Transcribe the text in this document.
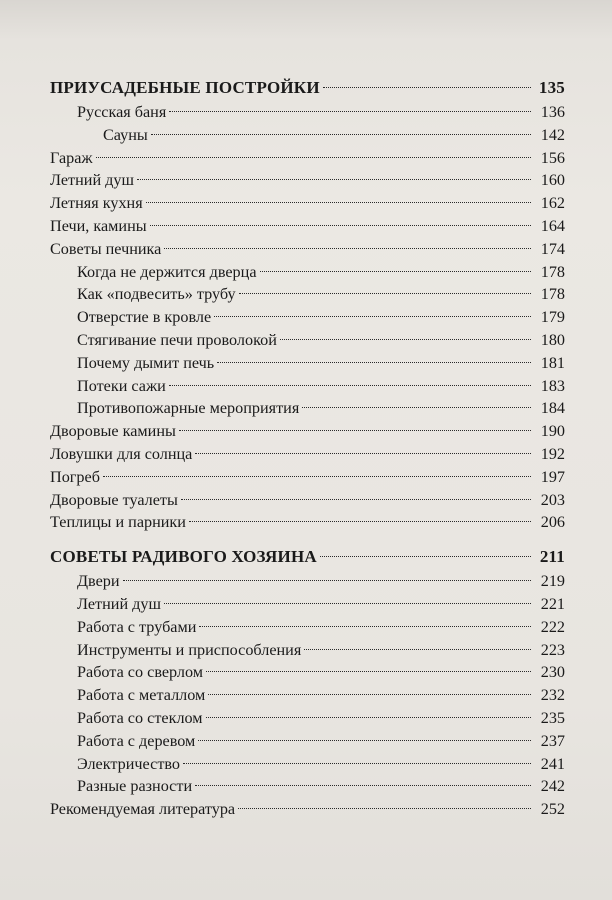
ПРИУСАДЕБНЫЕ ПОСТРОЙКИ	135
Русская баня	136
Сауны	142
Гараж	156
Летний душ	160
Летняя кухня	162
Печи, камины	164
Советы печника	174
Когда не держится дверца	178
Как «подвесить» трубу	178
Отверстие в кровле	179
Стягивание печи проволокой	180
Почему дымит печь	181
Потеки сажи	183
Противопожарные мероприятия	184
Дворовые камины	190
Ловушки для солнца	192
Погреб	197
Дворовые туалеты	203
Теплицы и парники	206
СОВЕТЫ РАДИВОГО ХОЗЯИНА	211
Двери	219
Летний душ	221
Работа с трубами	222
Инструменты и приспособления	223
Работа со сверлом	230
Работа с металлом	232
Работа со стеклом	235
Работа с деревом	237
Электричество	241
Разные разности	242
Рекомендуемая литература	252
